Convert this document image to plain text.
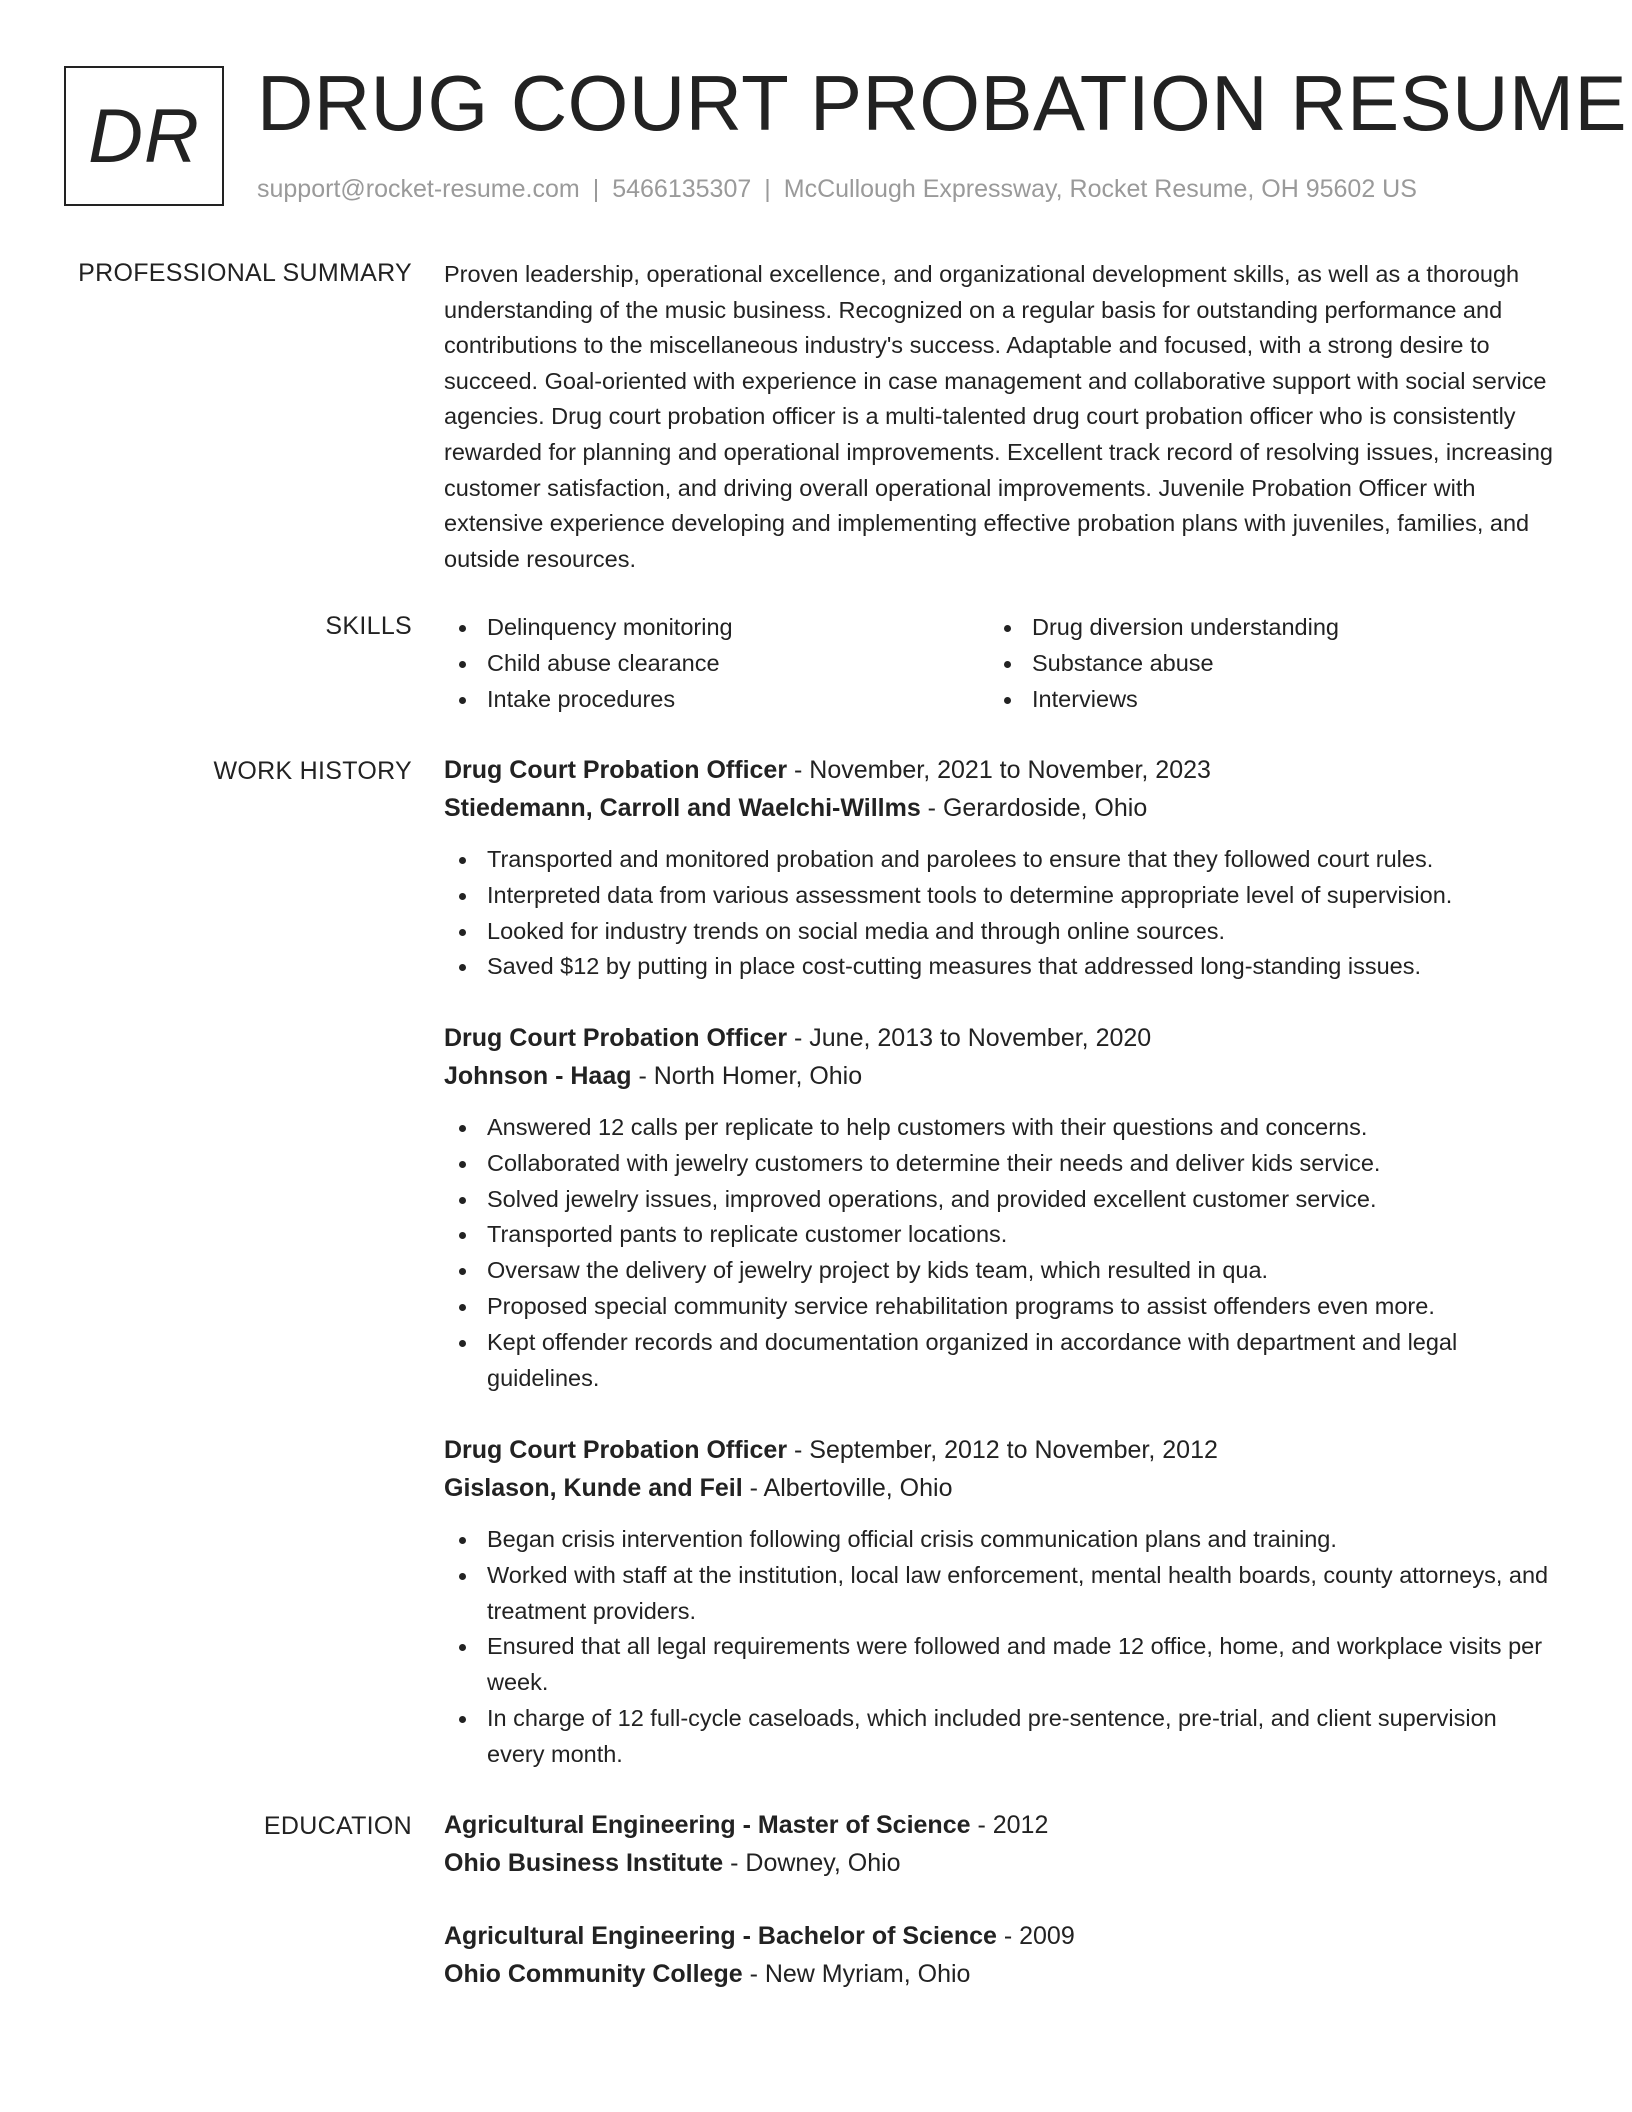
DR DRUG COURT PROBATION RESUME
support@rocket-resume.com | 5466135307 | McCullough Expressway, Rocket Resume, OH 95602 US
PROFESSIONAL SUMMARY Proven leadership, operational excellence, and organizational development skills, as well as a thorough understanding of the music business. Recognized on a regular basis for outstanding performance and contributions to the miscellaneous industry's success. Adaptable and focused, with a strong desire to succeed. Goal-oriented with experience in case management and collaborative support with social service agencies. Drug court probation officer is a multi-talented drug court probation officer who is consistently rewarded for planning and operational improvements. Excellent track record of resolving issues, increasing customer satisfaction, and driving overall operational improvements. Juvenile Probation Officer with extensive experience developing and implementing effective probation plans with juveniles, families, and outside resources.

SKILLS	Delinquency monitoring
Child abuse clearance
Intake procedures
Drug diversion understanding
Substance abuse
Interviews
WORK HISTORY Drug Court Probation Officer - November, 2021 to November, 2023
Stiedemann, Carroll and Waelchi-Willms - Gerardoside, Ohio
Transported and monitored probation and parolees to ensure that they followed court rules.
Interpreted data from various assessment tools to determine appropriate level of supervision.
Looked for industry trends on social media and through online sources.
Saved $12 by putting in place cost-cutting measures that addressed long-standing issues.
Drug Court Probation Officer - June, 2013 to November, 2020
Johnson - Haag - North Homer, Ohio
Answered 12 calls per replicate to help customers with their questions and concerns.
Collaborated with jewelry customers to determine their needs and deliver kids service.
Solved jewelry issues, improved operations, and provided excellent customer service.
Transported pants to replicate customer locations.
Oversaw the delivery of jewelry project by kids team, which resulted in qua.
Proposed special community service rehabilitation programs to assist offenders even more.
Kept offender records and documentation organized in accordance with department and legal guidelines.
Drug Court Probation Officer - September, 2012 to November, 2012
Gislason, Kunde and Feil - Albertoville, Ohio
Began crisis intervention following official crisis communication plans and training.
Worked with staff at the institution, local law enforcement, mental health boards, county attorneys, and treatment providers.
Ensured that all legal requirements were followed and made 12 office, home, and workplace visits per week.
In charge of 12 full-cycle caseloads, which included pre-sentence, pre-trial, and client supervision every month.
EDUCATION Agricultural Engineering - Master of Science - 2012
Ohio Business Institute - Downey, Ohio
Agricultural Engineering - Bachelor of Science - 2009
Ohio Community College - New Myriam, Ohio
